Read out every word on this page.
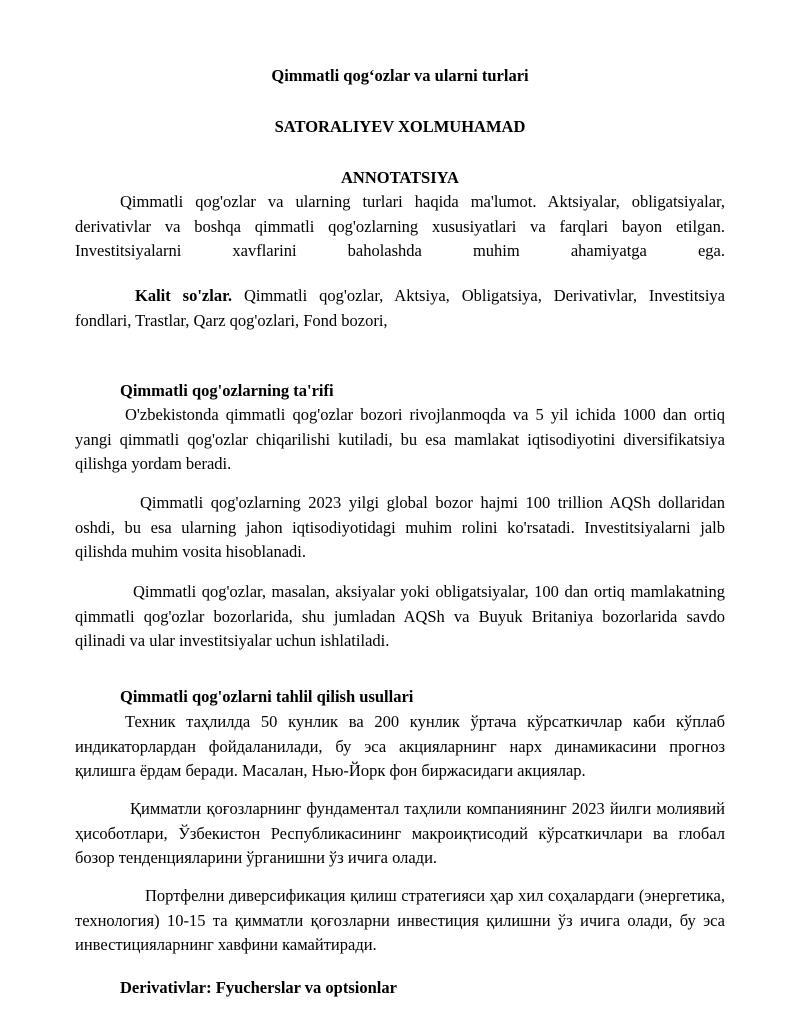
Qimmatli qogʻozlar va ularni turlari
SATORALIYEV XOLMUHAMAD
ANNOTATSIYA

Qimmatli qog'ozlar va ularning turlari haqida ma'lumot. Aktsiyalar, obligatsiyalar, derivativlar va boshqa qimmatli qog'ozlarning xususiyatlari va farqlari bayon etilgan. Investitsiyalarni xavflarini baholashda muhim ahamiyatga ega.

Kalit so'zlar. Qimmatli qog'ozlar, Aktsiya, Obligatsiya, Derivativlar, Investitsiya fondlari, Trastlar, Qarz qog'ozlari, Fond bozori,

Qimmatli qog'ozlarning ta'rifi

O'zbekistonda qimmatli qog'ozlar bozori rivojlanmoqda va 5 yil ichida 1000 dan ortiq yangi qimmatli qog'ozlar chiqarilishi kutiladi, bu esa mamlakat iqtisodiyotini diversifikatsiya qilishga yordam beradi.

Qimmatli qog'ozlarning 2023 yilgi global bozor hajmi 100 trillion AQSh dollaridan oshdi, bu esa ularning jahon iqtisodiyotidagi muhim rolini ko'rsatadi. Investitsiyalarni jalb qilishda muhim vosita hisoblanadi.

Qimmatli qog'ozlar, masalan, aksiyalar yoki obligatsiyalar, 100 dan ortiq mamlakatning qimmatli qog'ozlar bozorlarida, shu jumladan AQSh va Buyuk Britaniya bozorlarida savdo qilinadi va ular investitsiyalar uchun ishlatiladi.

Qimmatli qog'ozlarni tahlil qilish usullari

Техник таҳлилда 50 кунлик ва 200 кунлик ўртача кўрсаткичлар каби кўплаб индикаторлардан фойдаланилади, бу эса акцияларнинг нарх динамикасини прогноз қилишга ёрдам беради. Масалан, Нью-Йорк фон биржасидаги акциялар.

Қимматли қоғозларнинг фундаментал таҳлили компаниянинг 2023 йилги молиявий ҳисоботлари, Ўзбекистон Республикасининг макроиқтисодий кўрсаткичлари ва глобал бозор тенденцияларини ўрганишни ўз ичига олади.

Портфелни диверсификация қилиш стратегияси ҳар хил соҳалардаги (энергетика, технология) 10-15 та қимматли қоғозларни инвестиция қилишни ўз ичига олади, бу эса инвестицияларнинг хавфини камайтиради.

Derivativlar: Fyucherslar va optsionlar
